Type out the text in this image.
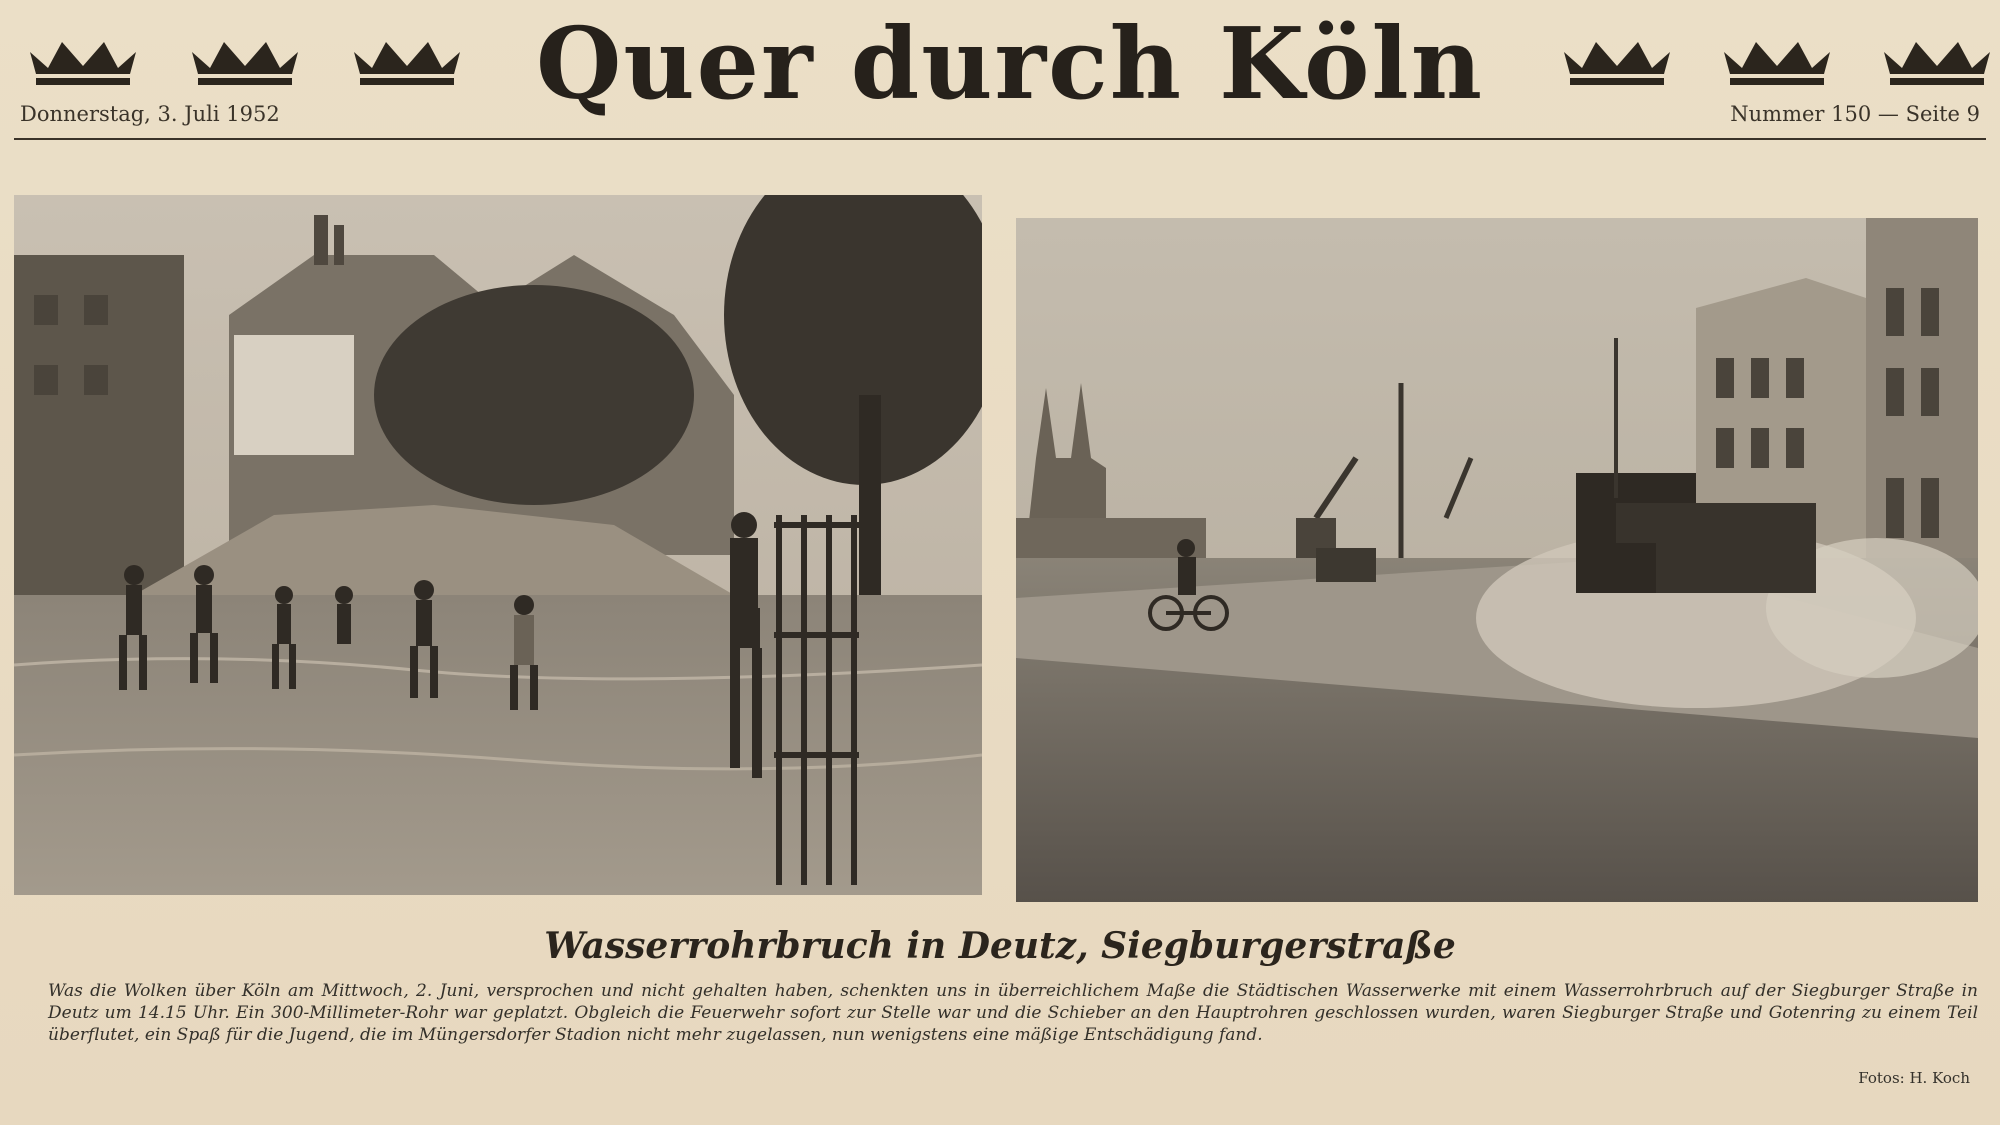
Quer durch Köln
Donnerstag, 3. Juli 1952	Nummer 150 — Seite 9
Wasserrohrbruch in Deutz, Siegburgerstraße
Was die Wolken über Köln am Mittwoch, 2. Juni, versprochen und nicht gehalten haben, schenkten uns in überreichlichem Maße die Städtischen Wasserwerke mit einem Wasserrohrbruch auf der Siegburger Straße in Deutz um 14.15 Uhr. Ein 300-Millimeter-Rohr war geplatzt. Obgleich die Feuerwehr sofort zur Stelle war und die Schieber an den Hauptrohren geschlossen wurden, waren Siegburger Straße und Gotenring zu einem Teil überflutet, ein Spaß für die Jugend, die im Müngersdorfer Stadion nicht mehr zugelassen, nun wenigstens eine mäßige Entschädigung fand.
Fotos: H. Koch
